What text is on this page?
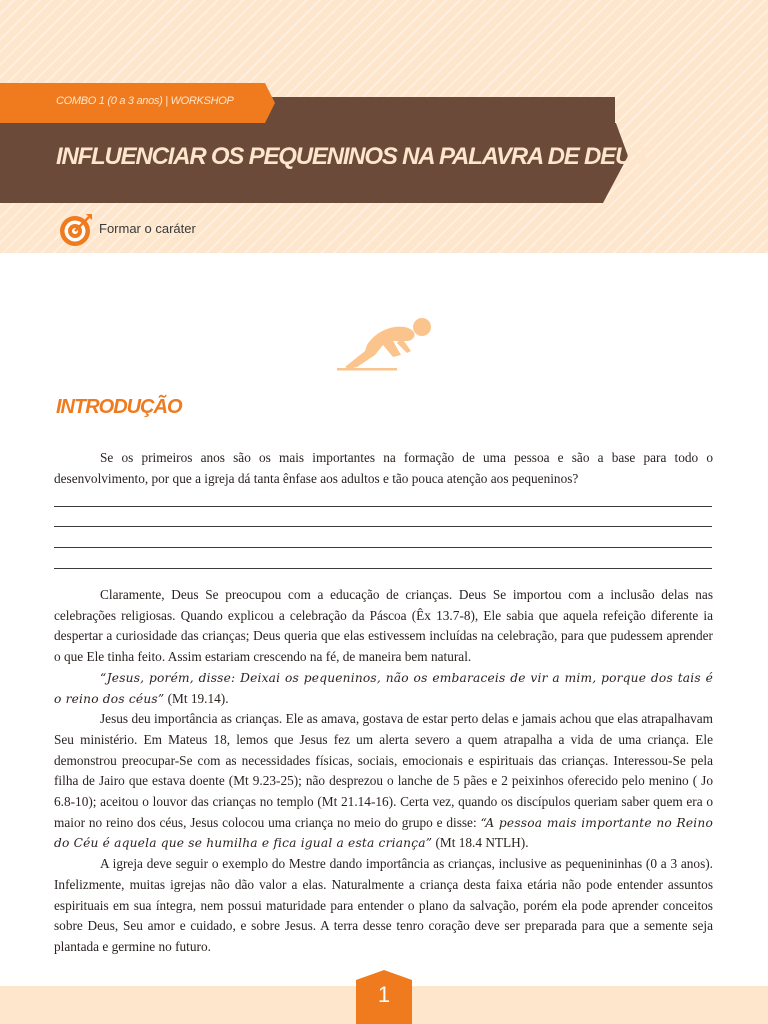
COMBO 1 (0 a 3 anos) | WORKSHOP
INFLUENCIAR OS PEQUENINOS NA PALAVRA DE DEUS
Formar o caráter
INTRODUÇÃO

Se os primeiros anos são os mais importantes na formação de uma pessoa e são a base para todo o desenvolvimento, por que a igreja dá tanta ênfase aos adultos e tão pouca atenção aos pequeninos?

Claramente, Deus Se preocupou com a educação de crianças. Deus Se importou com a inclusão delas nas celebrações religiosas. Quando explicou a celebração da Páscoa (Êx 13.7-8), Ele sabia que aquela refeição diferente ia despertar a curiosidade das crianças; Deus queria que elas estivessem incluídas na celebração, para que pudessem aprender o que Ele tinha feito. Assim estariam crescendo na fé, de maneira bem natural.

“Jesus, porém, disse: Deixai os pequeninos, não os embaraceis de vir a mim, porque dos tais é o reino dos céus” (Mt 19.14).

Jesus deu importância as crianças. Ele as amava, gostava de estar perto delas e jamais achou que elas atrapalhavam Seu ministério. Em Mateus 18, lemos que Jesus fez um alerta severo a quem atrapalha a vida de uma criança. Ele demonstrou preocupar-Se com as necessidades físicas, sociais, emocionais e espirituais das crianças. Interessou-Se pela filha de Jairo que estava doente (Mt 9.23-25); não desprezou o lanche de 5 pães e 2 peixinhos oferecido pelo menino ( Jo 6.8-10); aceitou o louvor das crianças no templo (Mt 21.14-16). Certa vez, quando os discípulos queriam saber quem era o maior no reino dos céus, Jesus colocou uma criança no meio do grupo e disse: “A pessoa mais importante no Reino do Céu é aquela que se humilha e fica igual a esta criança” (Mt 18.4 NTLH).

A igreja deve seguir o exemplo do Mestre dando importância as crianças, inclusive as pequenininhas (0 a 3 anos). Infelizmente, muitas igrejas não dão valor a elas. Naturalmente a criança desta faixa etária não pode entender assuntos espirituais em sua íntegra, nem possui maturidade para entender o plano da salvação, porém ela pode aprender conceitos sobre Deus, Seu amor e cuidado, e sobre Jesus. A terra desse tenro coração deve ser preparada para que a semente seja plantada e germine no futuro.

1
